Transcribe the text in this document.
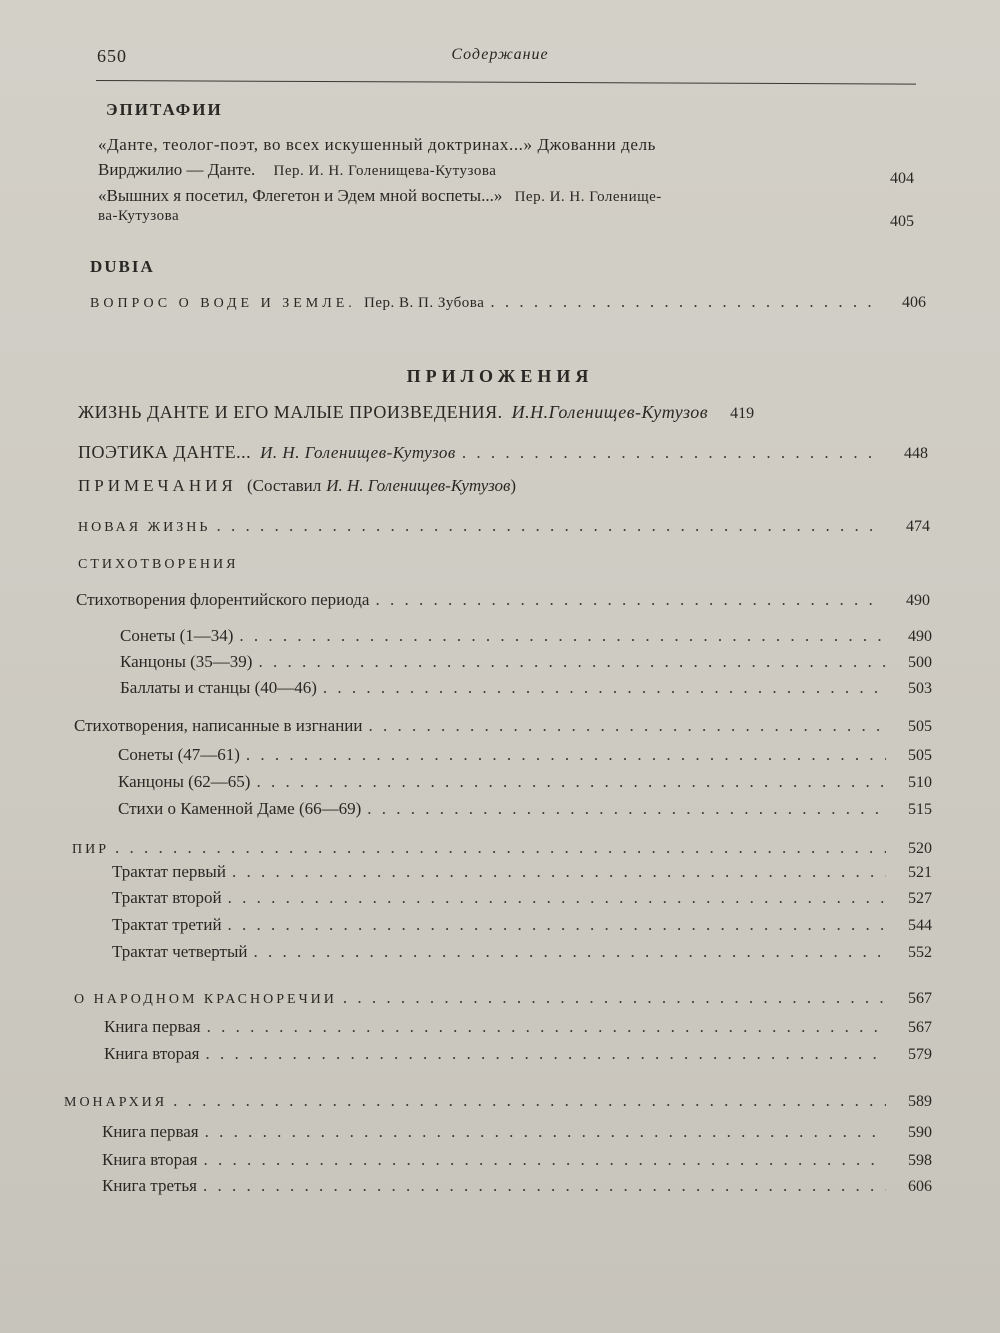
650	Содержание
ЭПИТАФИИ
«Данте, теолог-поэт, во всех искушенный доктринах...» Джованни дель
Вирджилио — Данте. Пер. И. Н. Голенищева-Кутузова	404
«Вышних я посетил, Флегетон и Эдем мной воспеты...» Пер. И. Н. Голенище-
ва-Кутузова	405
DUBIA
ВОПРОС О ВОДЕ И ЗЕМЛЕ. Пер. В. П. Зубова . . .	406
ПРИЛОЖЕНИЯ
ЖИЗНЬ ДАНТЕ И ЕГО МАЛЫЕ ПРОИЗВЕДЕНИЯ. И.Н.Голенищев-Кутузов	419
ПОЭТИКА ДАНТЕ... И. Н. Голенищев-Кутузов . . .	448
ПРИМЕЧАНИЯ (Составил И. Н. Голенищев-Кутузов)
НОВАЯ ЖИЗНЬ . . .	474
СТИХОТВОРЕНИЯ
Стихотворения флорентийского периода . . .	490
Сонеты (1—34) . . .	490
Канцоны (35—39) . . .	500
Баллаты и станцы (40—46) . . .	503
Стихотворения, написанные в изгнании . . .	505
Сонеты (47—61) . . .	505
Канцоны (62—65) . . .	510
Стихи о Каменной Даме (66—69) . . .	515
ПИР . . .	520
Трактат первый . . .	521
Трактат второй . . .	527
Трактат третий . . .	544
Трактат четвертый . . .	552
О НАРОДНОМ КРАСНОРЕЧИИ . . .	567
Книга первая . . .	567
Книга вторая . . .	579
МОНАРХИЯ . . .	589
Книга первая . . .	590
Книга вторая . . .	598
Книга третья . . .	606
